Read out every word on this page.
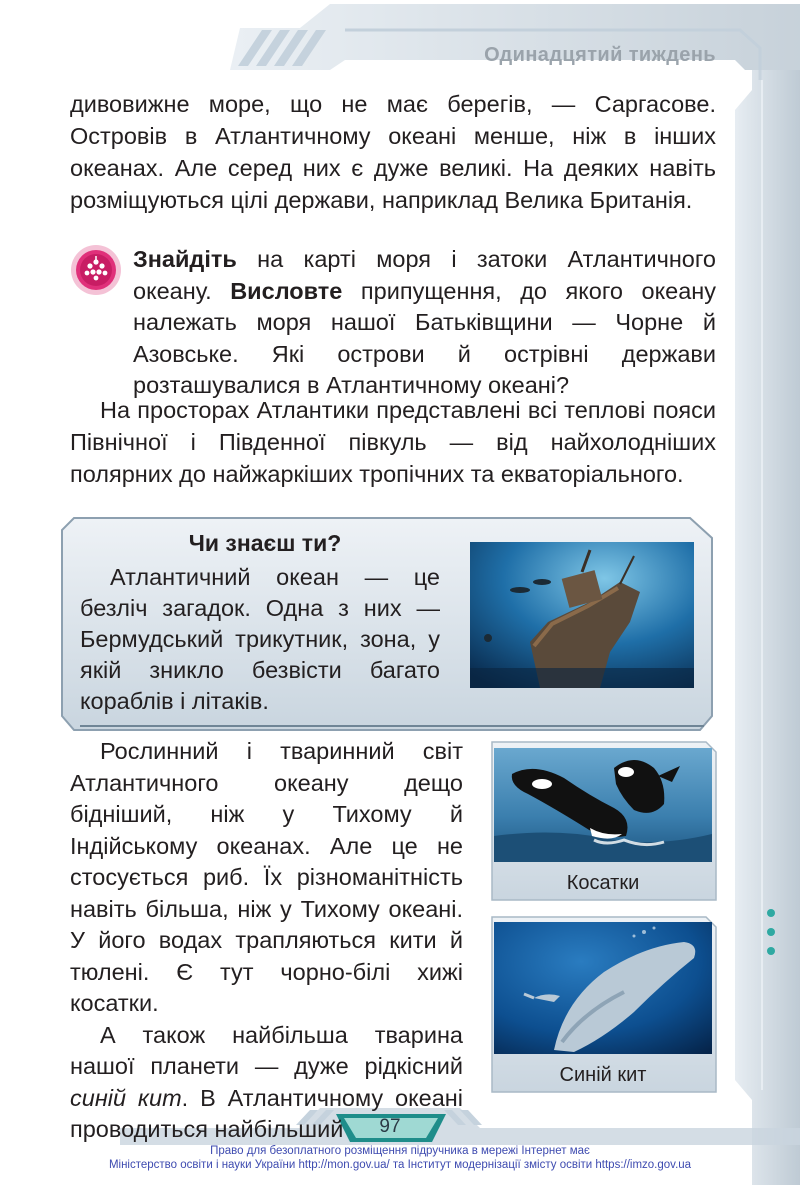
Одинадцятий тиждень

дивовижне море, що не має берегів, — Саргасове. Островів в Атлантичному океані менше, ніж в інших океанах. Але серед них є дуже великі. На деяких навіть розміщуються цілі держави, наприклад Велика Британія.

Знайдіть на карті моря і затоки Атлантичного океану. Висловте припущення, до якого океану належать моря нашої Батьківщини — Чорне й Азовське. Які острови й острівні держави розташувалися в Атлантичному океані?

На просторах Атлантики представлені всі теплові пояси Північної і Південної півкуль — від найхолодніших полярних до найжаркіших тропічних та екваторіального.

Чи знаєш ти?

Атлантичний океан — це безліч загадок. Одна з них — Бермудський трикутник, зона, у якій зникло безвісти багато кораблів і літаків.

Рослинний і тваринний світ Атлантичного океану дещо бідніший, ніж у Тихому й Індійському океанах. Але це не стосується риб. Їх різноманітність навіть більша, ніж у Тихому океані. У його водах трапляються кити й тюлені. Є тут чорно-білі хижі косатки.

А також найбільша тварина нашої планети — дуже рідкісний синій кит. В Атлантичному океані проводиться найбільший

Косатки
Синій кит
97
Право для безоплатного розміщення підручника в мережі Інтернет має
Міністерство освіти і науки України http://mon.gov.ua/ та Інститут модернізації змісту освіти https://imzo.gov.ua
